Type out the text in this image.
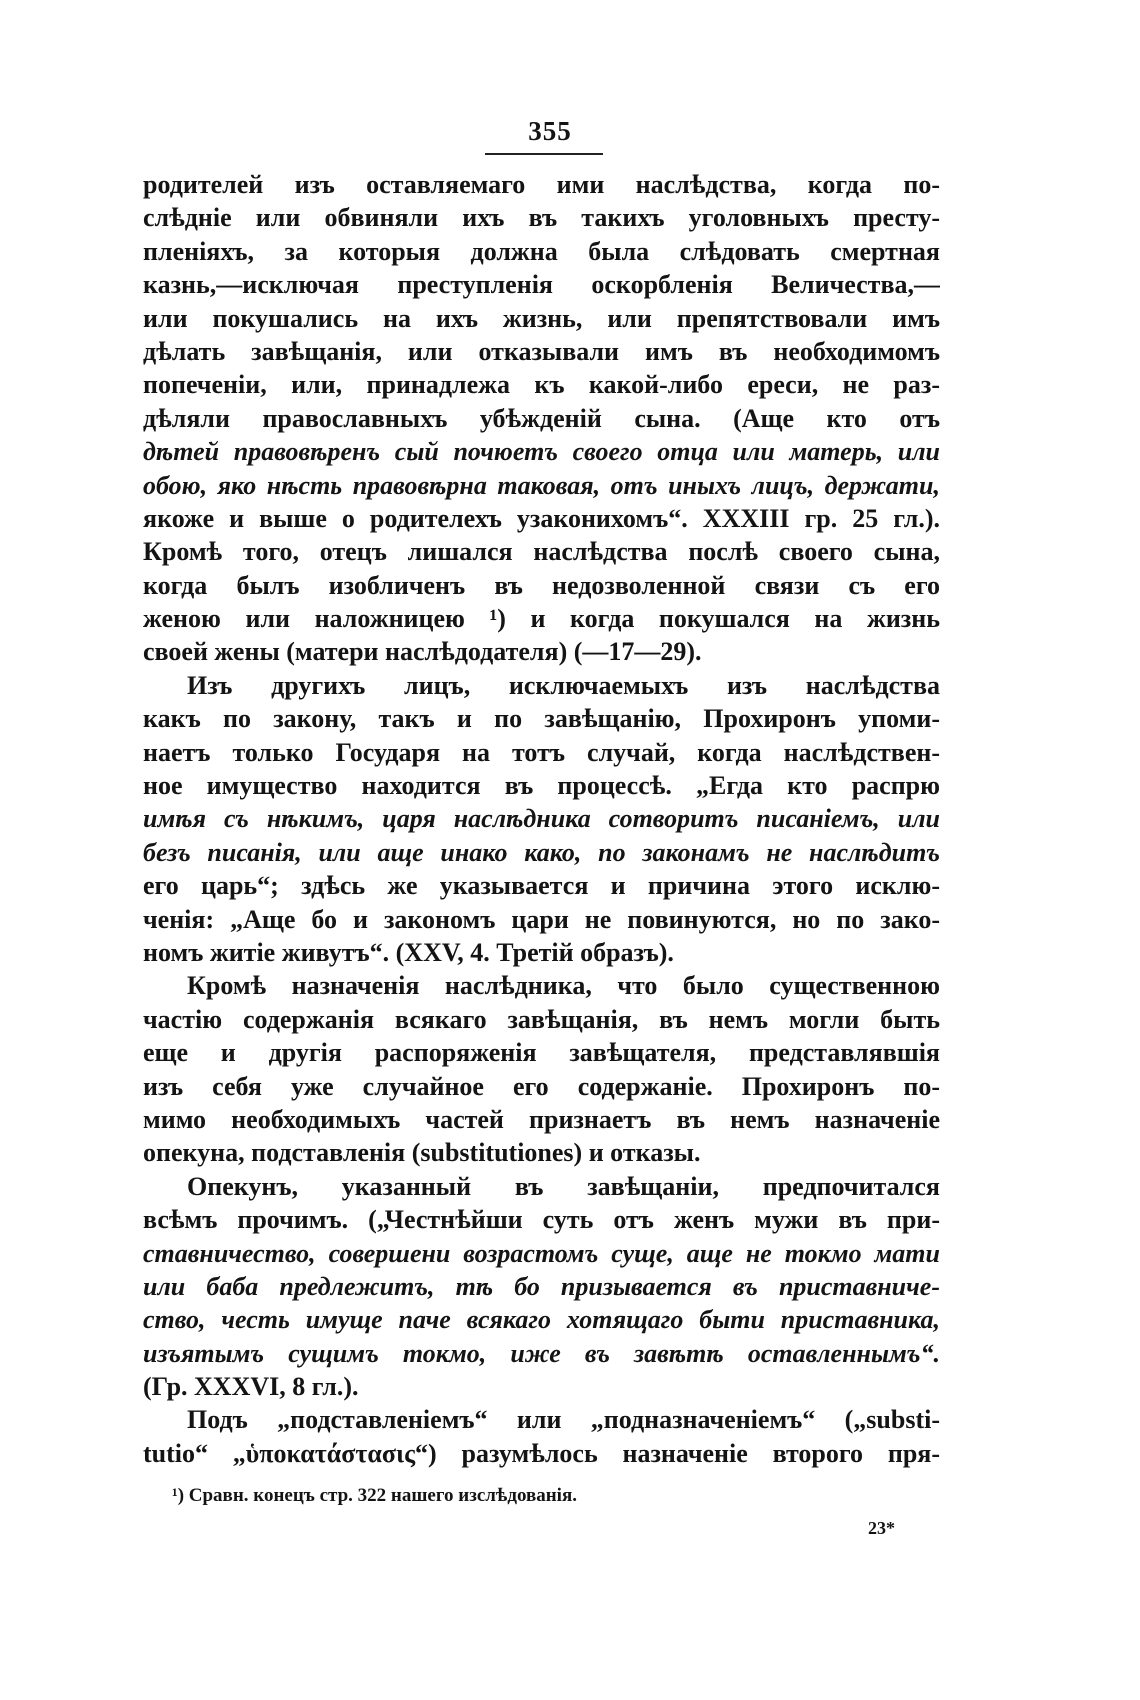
355
родителей изъ оставляемаго ими наслѣдства, когда по-
слѣдніе или обвиняли ихъ въ такихъ уголовныхъ престу-
пленіяхъ, за которыя должна была слѣдовать смертная
казнь,—исключая преступленія оскорбленія Величества,—
или покушались на ихъ жизнь, или препятствовали имъ
дѣлать завѣщанія, или отказывали имъ въ необходимомъ
попеченіи, или, принадлежа къ какой-либо ереси, не раз-
дѣляли православныхъ убѣжденій сына. (Аще кто отъ
дѣтей правовѣренъ сый почюетъ своего отца или матерь, или
обою, яко нѣсть правовѣрна таковая, отъ иныхъ лицъ, держати,
якоже и выше о родителехъ узаконихомъ“. XXXIII гр. 25 гл.).
Кромѣ того, отецъ лишался наслѣдства послѣ своего сына,
когда былъ изобличенъ въ недозволенной связи съ его
женою или наложницею ¹) и когда покушался на жизнь
своей жены (матери наслѣдодателя) (—17—29).
Изъ другихъ лицъ, исключаемыхъ изъ наслѣдства
какъ по закону, такъ и по завѣщанію, Прохиронъ упоми-
наетъ только Государя на тотъ случай, когда наслѣдствен-
ное имущество находится въ процессѣ. „Егда кто распрю
имѣя съ нѣкимъ, царя наслѣдника сотворитъ писаніемъ, или
безъ писанія, или аще инако како, по законамъ не наслѣдитъ
его царь“; здѣсь же указывается и причина этого исклю-
ченія: „Аще бо и закономъ цари не повинуются, но по зако-
номъ житіе живутъ“. (XXV, 4. Третій образъ).
Кромѣ назначенія наслѣдника, что было существенною
частію содержанія всякаго завѣщанія, въ немъ могли быть
еще и другія распоряженія завѣщателя, представлявшія
изъ себя уже случайное его содержаніе. Прохиронъ по-
мимо необходимыхъ частей признаетъ въ немъ назначеніе
опекуна, подставленія (substitutiones) и отказы.
Опекунъ, указанный въ завѣщаніи, предпочитался
всѣмъ прочимъ. („Честнѣйши суть отъ женъ мужи въ при-
ставничество, совершени возрастомъ суще, аще не токмо мати
или баба предлежитъ, тѣ бо призывается въ приставниче-
ство, честь имуще паче всякаго хотящаго быти приставника,
изъятымъ сущимъ токмо, иже въ завѣтѣ оставленнымъ“.
(Гр. XXXVI, 8 гл.).
Подъ „подставленіемъ“ или „подназначеніемъ“ („substi-
tutio“ „ὑποκατάστασις“) разумѣлось назначеніе второго пря-
¹) Сравн. конецъ стр. 322 нашего изслѣдованія.
23*
